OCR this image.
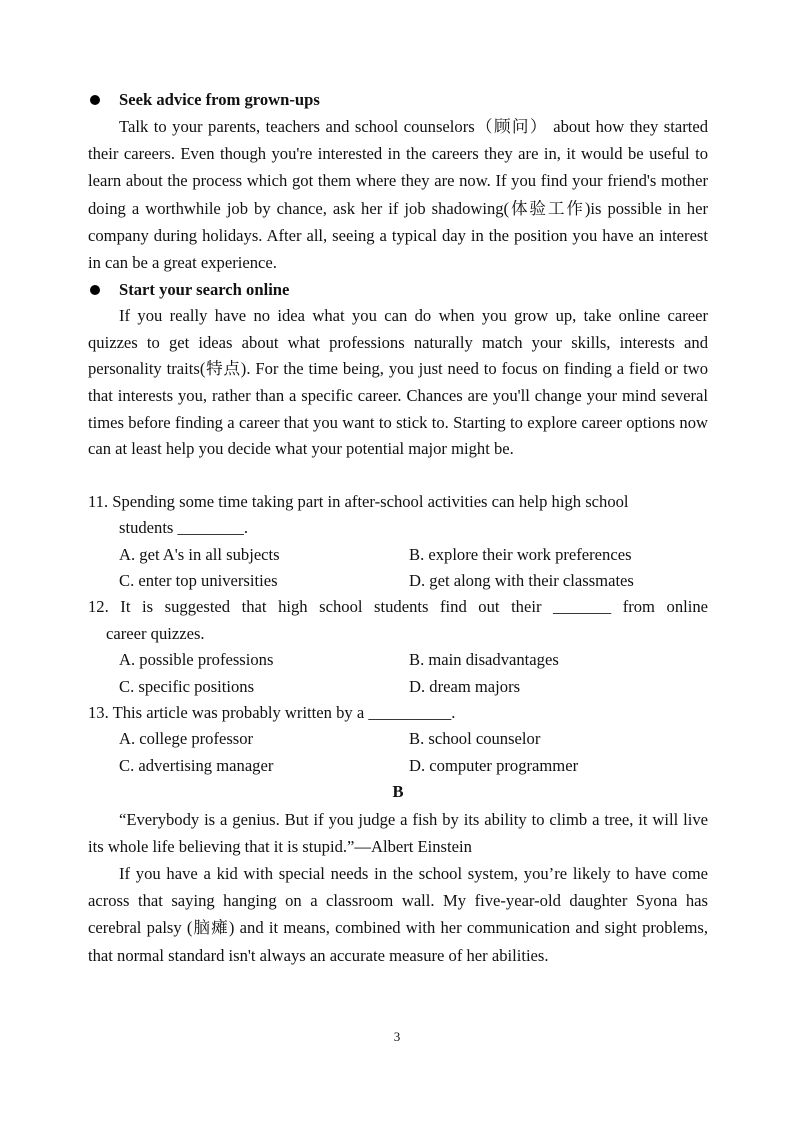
Seek advice from grown-ups

Talk to your parents, teachers and school counselors（顾问） about how they started their careers. Even though you're interested in the careers they are in, it would be useful to learn about the process which got them where they are now. If you find your friend's mother doing a worthwhile job by chance, ask her if job shadowing(体验工作)is possible in her company during holidays. After all, seeing a typical day in the position you have an interest in can be a great experience.

Start your search online

If you really have no idea what you can do when you grow up, take online career quizzes to get ideas about what professions naturally match your skills, interests and personality traits(特点). For the time being, you just need to focus on finding a field or two that interests you, rather than a specific career. Chances are you'll change your mind several times before finding a career that you want to stick to. Starting to explore career options now can at least help you decide what your potential major might be.

11. Spending some time taking part in after-school activities can help high school
students ________.
A. get A's in all subjects	B. explore their work preferences
C. enter top universities	D. get along with their classmates
12. It is suggested that high school students find out their _______ from online
career quizzes.
A. possible professions	B. main disadvantages
C. specific positions	D. dream majors
13. This article was probably written by a __________.
A. college professor	B. school counselor
C. advertising manager	D. computer programmer
B

“Everybody is a genius. But if you judge a fish by its ability to climb a tree, it will live its whole life believing that it is stupid.”—Albert Einstein

If you have a kid with special needs in the school system, you’re likely to have come across that saying hanging on a classroom wall. My five-year-old daughter Syona has cerebral palsy (脑瘫) and it means, combined with her communication and sight problems, that normal standard isn't always an accurate measure of her abilities.

3
